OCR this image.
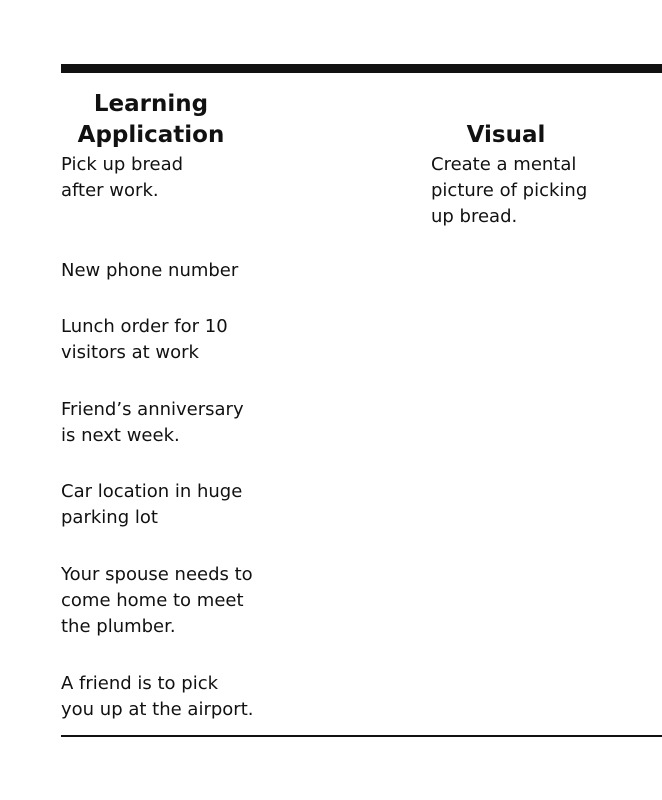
Learning
Application	Visual

Pick up bread
after work.

Create a mental
picture of picking
up bread.

New phone number

Lunch order for 10
visitors at work

Friend’s anniversary
is next week.

Car location in huge
parking lot

Your spouse needs to
come home to meet
the plumber.

A friend is to pick
you up at the airport.
